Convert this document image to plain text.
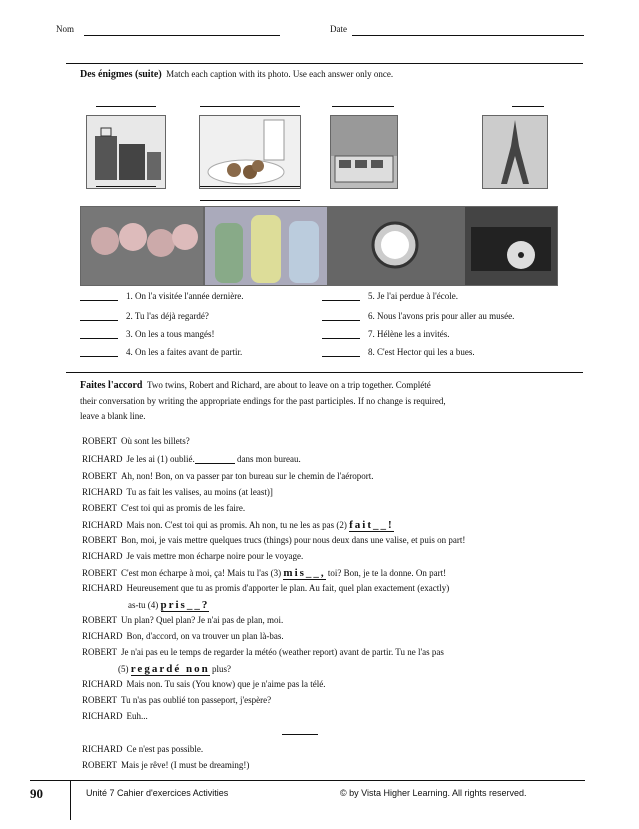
Nom	Date
Des énigmes (suite) Match each caption with its photo. Use each answer only once.
1. On l'a visitée l'année dernière.
2. Tu l'as déjà regardé?
3. On les a tous mangés!
4. On les a faites avant de partir.
5. Je l'ai perdue à l'école.
6. Nous l'avons pris pour aller au musée.
7. Hélène les a invités.
8. C'est Hector qui les a bues.
Faites l'accord Two twins, Robert and Richard, are about to leave on a trip together. Complété
their conversation by writing the appropriate endings for the past participles. If no change is required,
leave a blank line.
ROBERT Où sont les billets?
RICHARD Je les ai (1) oublié.	dans mon bureau.
ROBERT Ah, non! Bon, on va passer par ton bureau sur le chemin de l'aéroport.
RICHARD Tu as fait les valises, au moins (at least)]
ROBERT C'est toi qui as promis de les faire.
RICHARD Mais non. C'est toi qui as promis. Ah non, tu ne les as pas (2) fait__!
ROBERT Bon, moi, je vais mettre quelques trucs (things) pour nous deux dans une valise, et puis on part!
RICHARD Je vais mettre mon écharpe noire pour le voyage.
ROBERT C'est mon écharpe à moi, ça! Mais tu l'as (3) mis__, toi? Bon, je te la donne. On part!
RICHARD Heureusement que tu as promis d'apporter le plan. Au fait, quel plan exactement (exactly)
as-tu (4) pris__?
ROBERT Un plan? Quel plan? Je n'ai pas de plan, moi.
RICHARD Bon, d'accord, on va trouver un plan là-bas.
ROBERT Je n'ai pas eu le temps de regarder la météo (weather report) avant de partir. Tu ne l'as pas
(5) regardé non plus?
RICHARD Mais non. Tu sais (You know) que je n'aime pas la télé.
ROBERT Tu n'as pas oublié ton passeport, j'espère?
RICHARD Euh...
RICHARD Ce n'est pas possible.
ROBERT Mais je rêve! (I must be dreaming!)
90	Unité 7 Cahier d'exercices Activities	© by Vista Higher Learning. All rights reserved.
